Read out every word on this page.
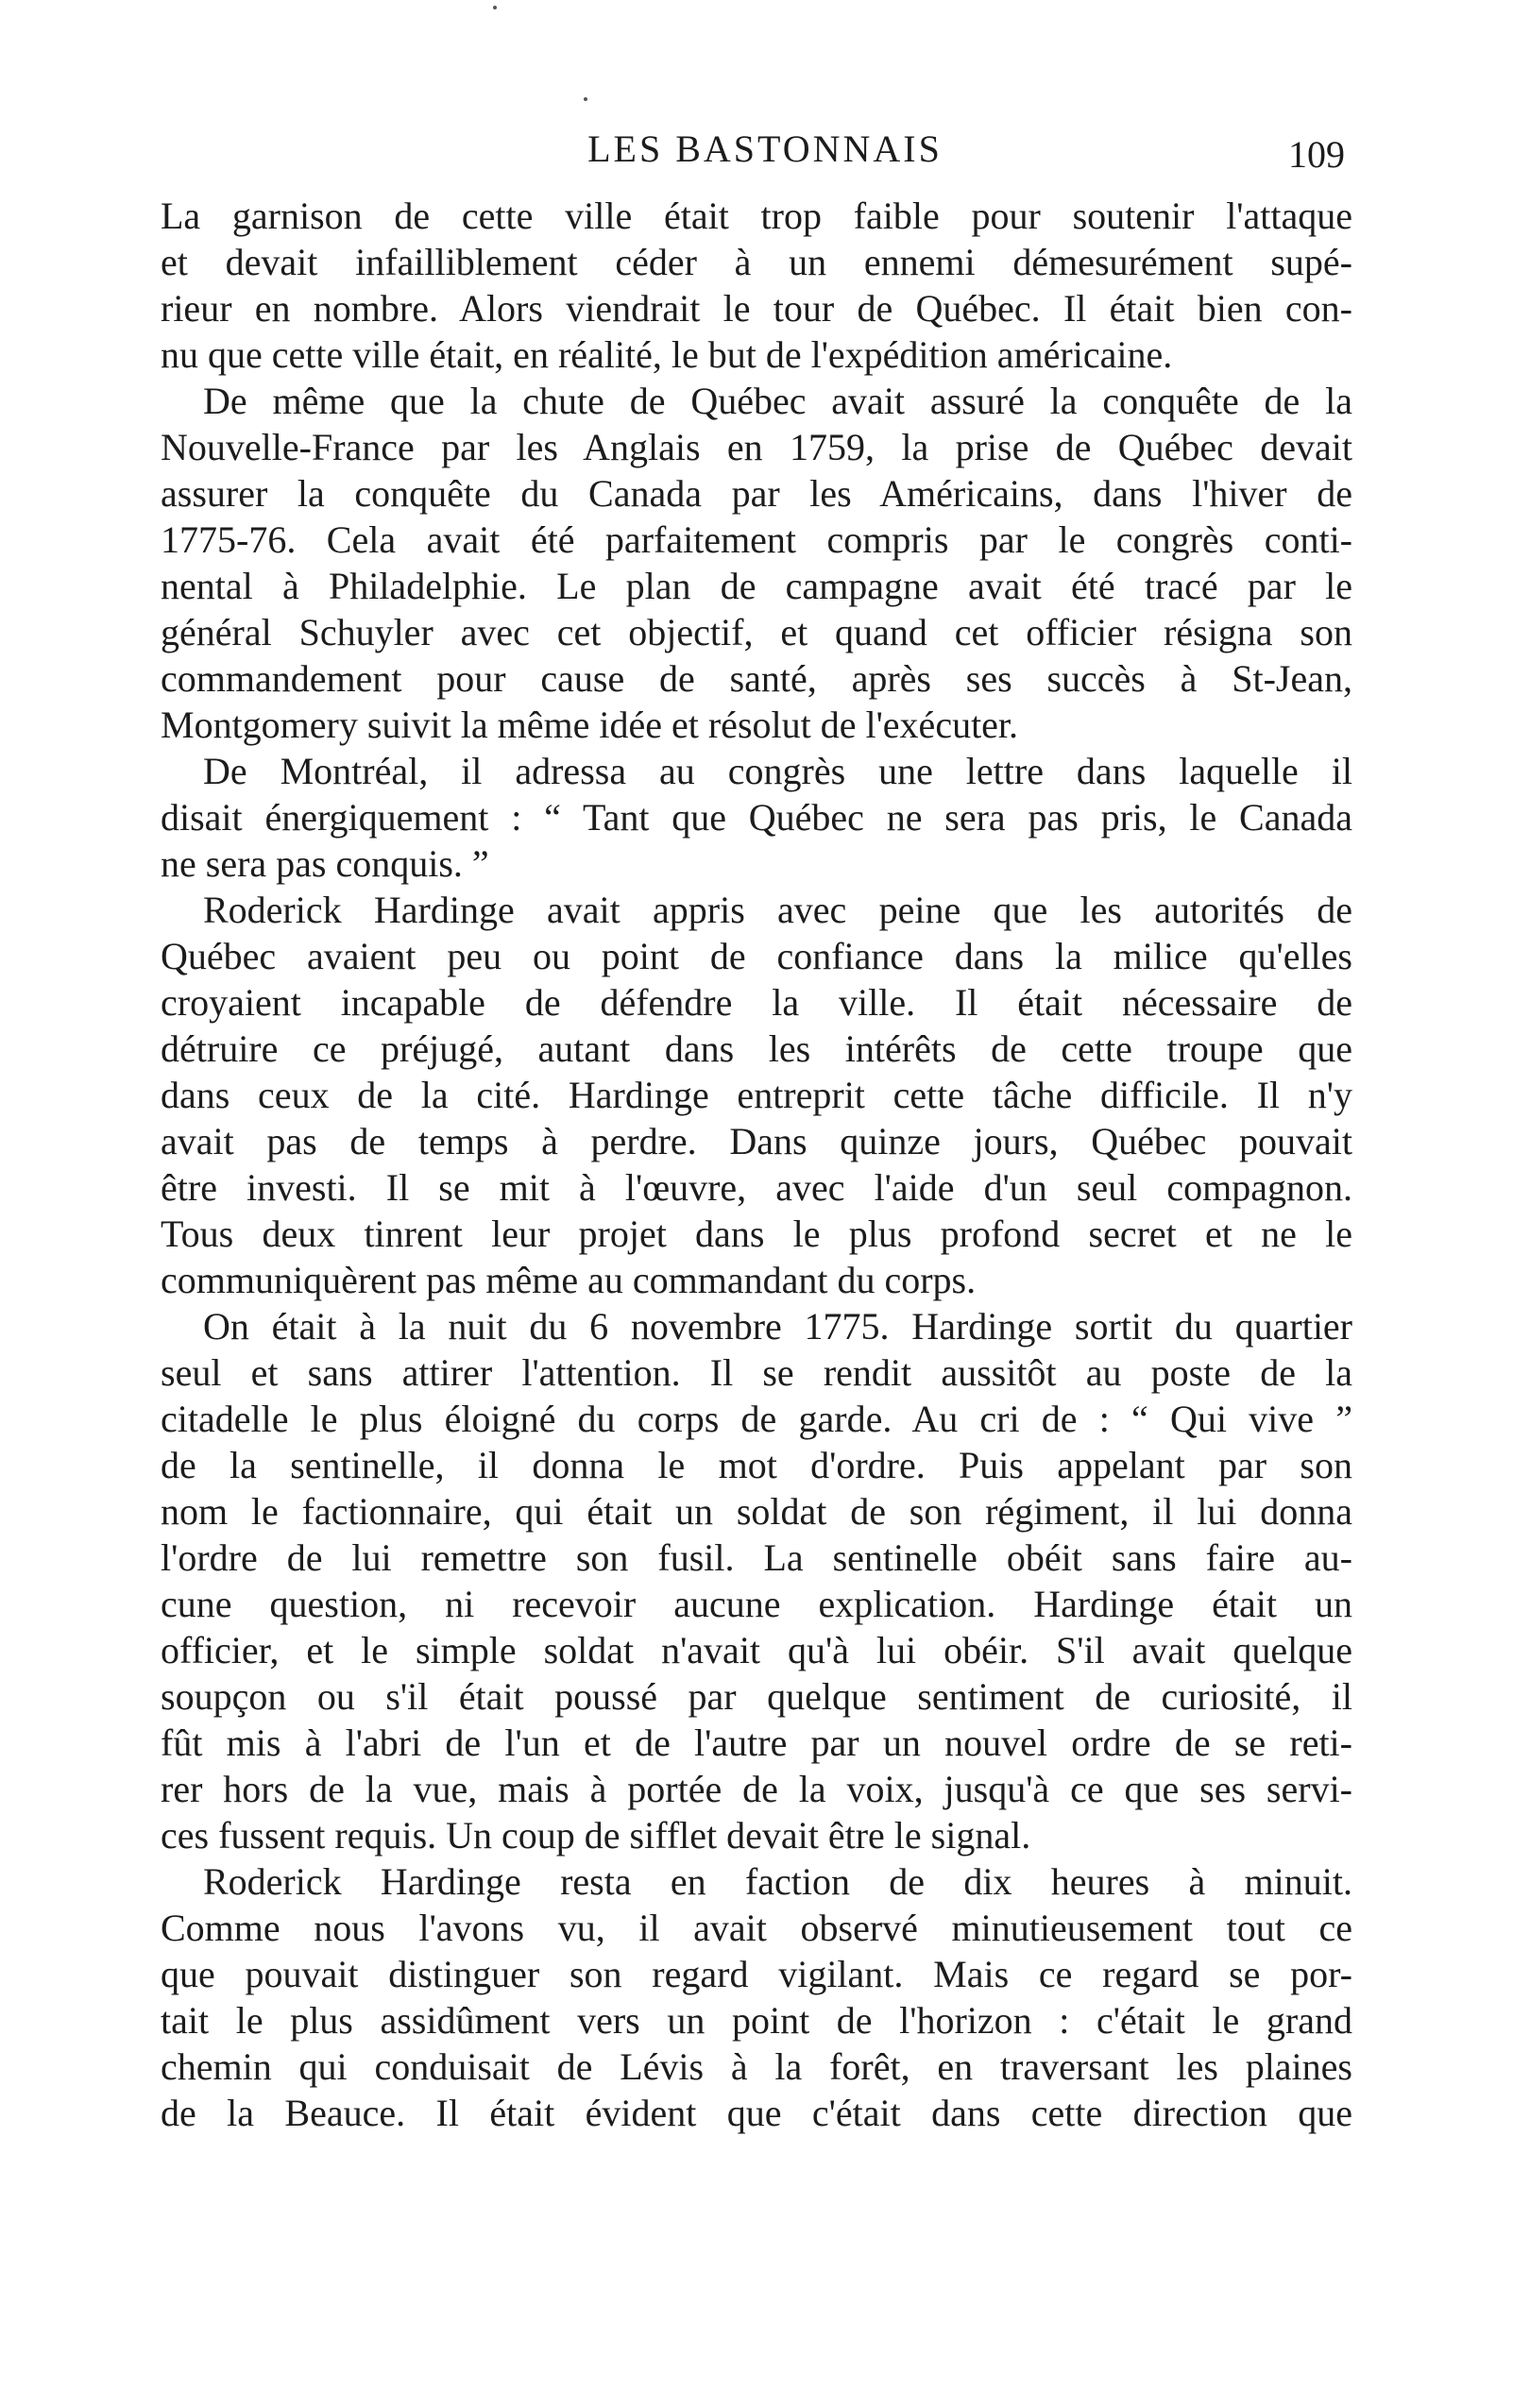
LES BASTONNAIS	109
La garnison de cette ville était trop faible pour soutenir l'attaque
et devait infailliblement céder à un ennemi démesurément supé-
rieur en nombre. Alors viendrait le tour de Québec. Il était bien con-
nu que cette ville était, en réalité, le but de l'expédition américaine.
De même que la chute de Québec avait assuré la conquête de la
Nouvelle-France par les Anglais en 1759, la prise de Québec devait
assurer la conquête du Canada par les Américains, dans l'hiver de
1775-76. Cela avait été parfaitement compris par le congrès conti-
nental à Philadelphie. Le plan de campagne avait été tracé par le
général Schuyler avec cet objectif, et quand cet officier résigna son
commandement pour cause de santé, après ses succès à St-Jean,
Montgomery suivit la même idée et résolut de l'exécuter.
De Montréal, il adressa au congrès une lettre dans laquelle il
disait énergiquement : “ Tant que Québec ne sera pas pris, le Canada
ne sera pas conquis. ”
Roderick Hardinge avait appris avec peine que les autorités de
Québec avaient peu ou point de confiance dans la milice qu'elles
croyaient incapable de défendre la ville. Il était nécessaire de
détruire ce préjugé, autant dans les intérêts de cette troupe que
dans ceux de la cité. Hardinge entreprit cette tâche difficile. Il n'y
avait pas de temps à perdre. Dans quinze jours, Québec pouvait
être investi. Il se mit à l'œuvre, avec l'aide d'un seul compagnon.
Tous deux tinrent leur projet dans le plus profond secret et ne le
communiquèrent pas même au commandant du corps.
On était à la nuit du 6 novembre 1775. Hardinge sortit du quartier
seul et sans attirer l'attention. Il se rendit aussitôt au poste de la
citadelle le plus éloigné du corps de garde. Au cri de : “ Qui vive ”
de la sentinelle, il donna le mot d'ordre. Puis appelant par son
nom le factionnaire, qui était un soldat de son régiment, il lui donna
l'ordre de lui remettre son fusil. La sentinelle obéit sans faire au-
cune question, ni recevoir aucune explication. Hardinge était un
officier, et le simple soldat n'avait qu'à lui obéir. S'il avait quelque
soupçon ou s'il était poussé par quelque sentiment de curiosité, il
fût mis à l'abri de l'un et de l'autre par un nouvel ordre de se reti-
rer hors de la vue, mais à portée de la voix, jusqu'à ce que ses servi-
ces fussent requis. Un coup de sifflet devait être le signal.
Roderick Hardinge resta en faction de dix heures à minuit.
Comme nous l'avons vu, il avait observé minutieusement tout ce
que pouvait distinguer son regard vigilant. Mais ce regard se por-
tait le plus assidûment vers un point de l'horizon : c'était le grand
chemin qui conduisait de Lévis à la forêt, en traversant les plaines
de la Beauce. Il était évident que c'était dans cette direction que
